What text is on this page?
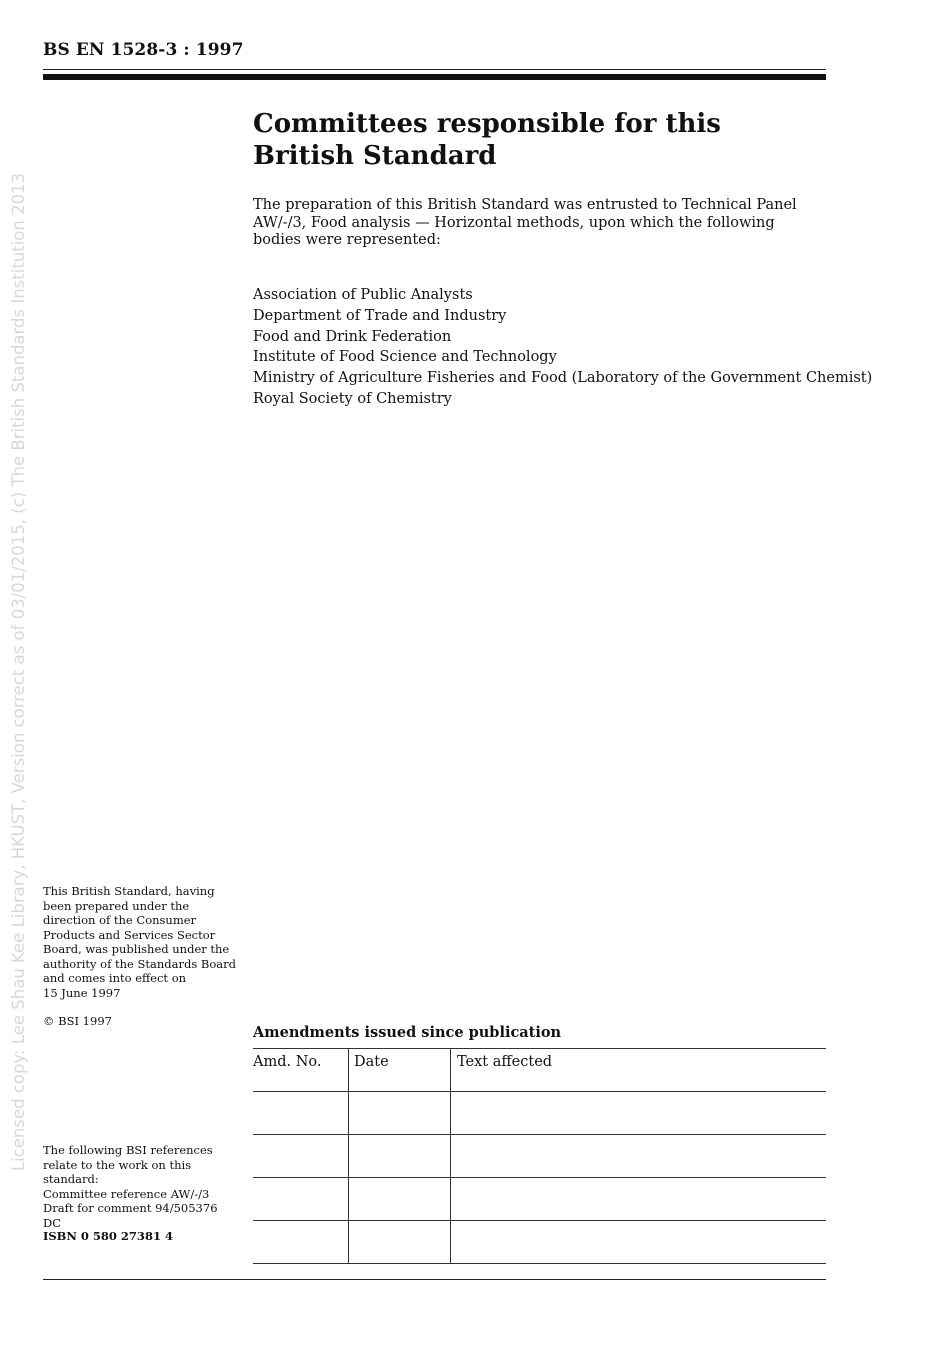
Licensed copy: Lee Shau Kee Library, HKUST, Version correct as of 03/01/2015, (c) The British Standards Institution 2013
BS EN 1528-3 : 1997
Committees responsible for this
British Standard
The preparation of this British Standard was entrusted to Technical Panel AW/-/3, Food analysis — Horizontal methods, upon which the following bodies were represented:
Association of Public Analysts
Department of Trade and Industry
Food and Drink Federation
Institute of Food Science and Technology
Ministry of Agriculture Fisheries and Food (Laboratory of the Government Chemist)
Royal Society of Chemistry
This British Standard, having
been prepared under the
direction of the Consumer
Products and Services Sector
Board, was published under the
authority of the Standards Board
and comes into effect on
15 June 1997
© BSI 1997
The following BSI references
relate to the work on this
standard:
Committee reference AW/-/3
Draft for comment 94/505376 DC
ISBN 0 580 27381 4
Amendments issued since publication
Amd. No.	Date	Text affected
